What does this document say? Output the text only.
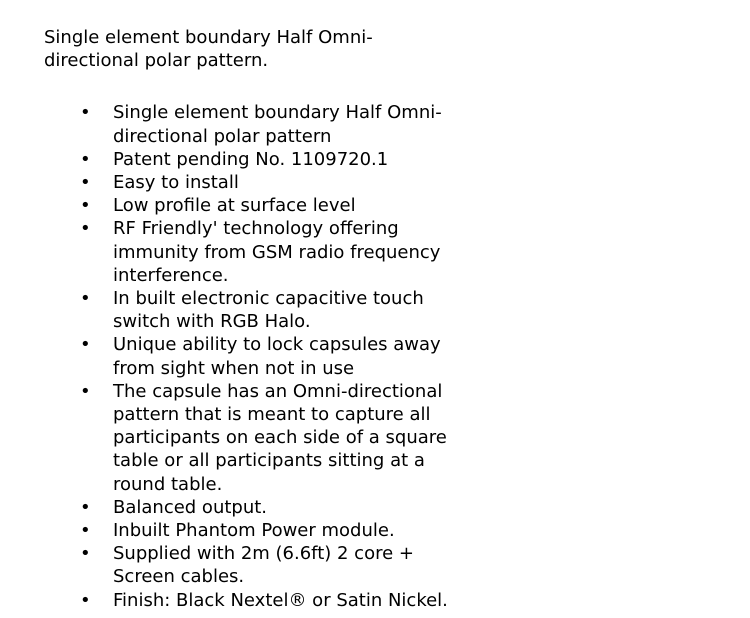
Single element boundary Half Omni-directional polar pattern.

• Single element boundary Half Omni-directional polar pattern
• Patent pending No. 1109720.1
• Easy to install
• Low profile at surface level
• RF Friendly' technology offering immunity from GSM radio frequency interference.
• In built electronic capacitive touch switch with RGB Halo.
• Unique ability to lock capsules away from sight when not in use
• The capsule has an Omni-directional pattern that is meant to capture all participants on each side of a square table or all participants sitting at a round table.
• Balanced output.
• Inbuilt Phantom Power module.
• Supplied with 2m (6.6ft) 2 core + Screen cables.
• Finish: Black Nextel® or Satin Nickel.
